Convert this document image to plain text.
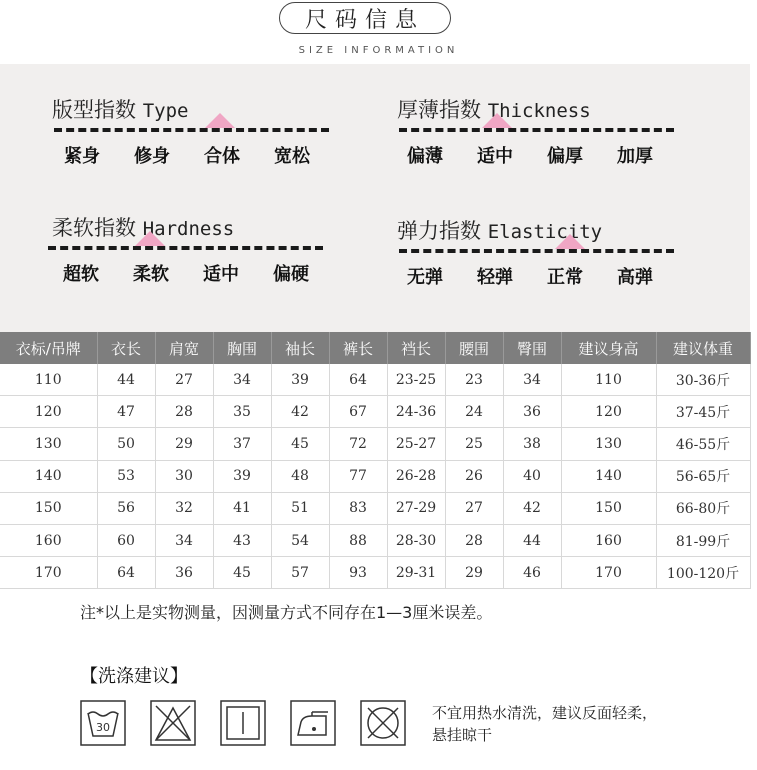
尺码信息
SIZE INFORMATION
版型指数 Type
紧身 修身 合体 宽松
厚薄指数 Thickness
偏薄 适中 偏厚 加厚
柔软指数 Hardness
超软 柔软 适中 偏硬
弹力指数 Elasticity
无弹 轻弹 正常 高弹
衣标/吊牌	衣长	肩宽	胸围	袖长	裤长	裆长	腰围	臀围	建议身高	建议体重
110	44	27	34	39	64	23-25	23	34	110	30-36斤
120	47	28	35	42	67	24-36	24	36	120	37-45斤
130	50	29	37	45	72	25-27	25	38	130	46-55斤
140	53	30	39	48	77	26-28	26	40	140	56-65斤
150	56	32	41	51	83	27-29	27	42	150	66-80斤
160	60	34	43	54	88	28-30	28	44	160	81-99斤
170	64	36	45	57	93	29-31	29	46	170	100-120斤
注*以上是实物测量，因测量方式不同存在1—3厘米误差。
【洗涤建议】
30
不宜用热水清洗，建议反面轻柔，
悬挂晾干
